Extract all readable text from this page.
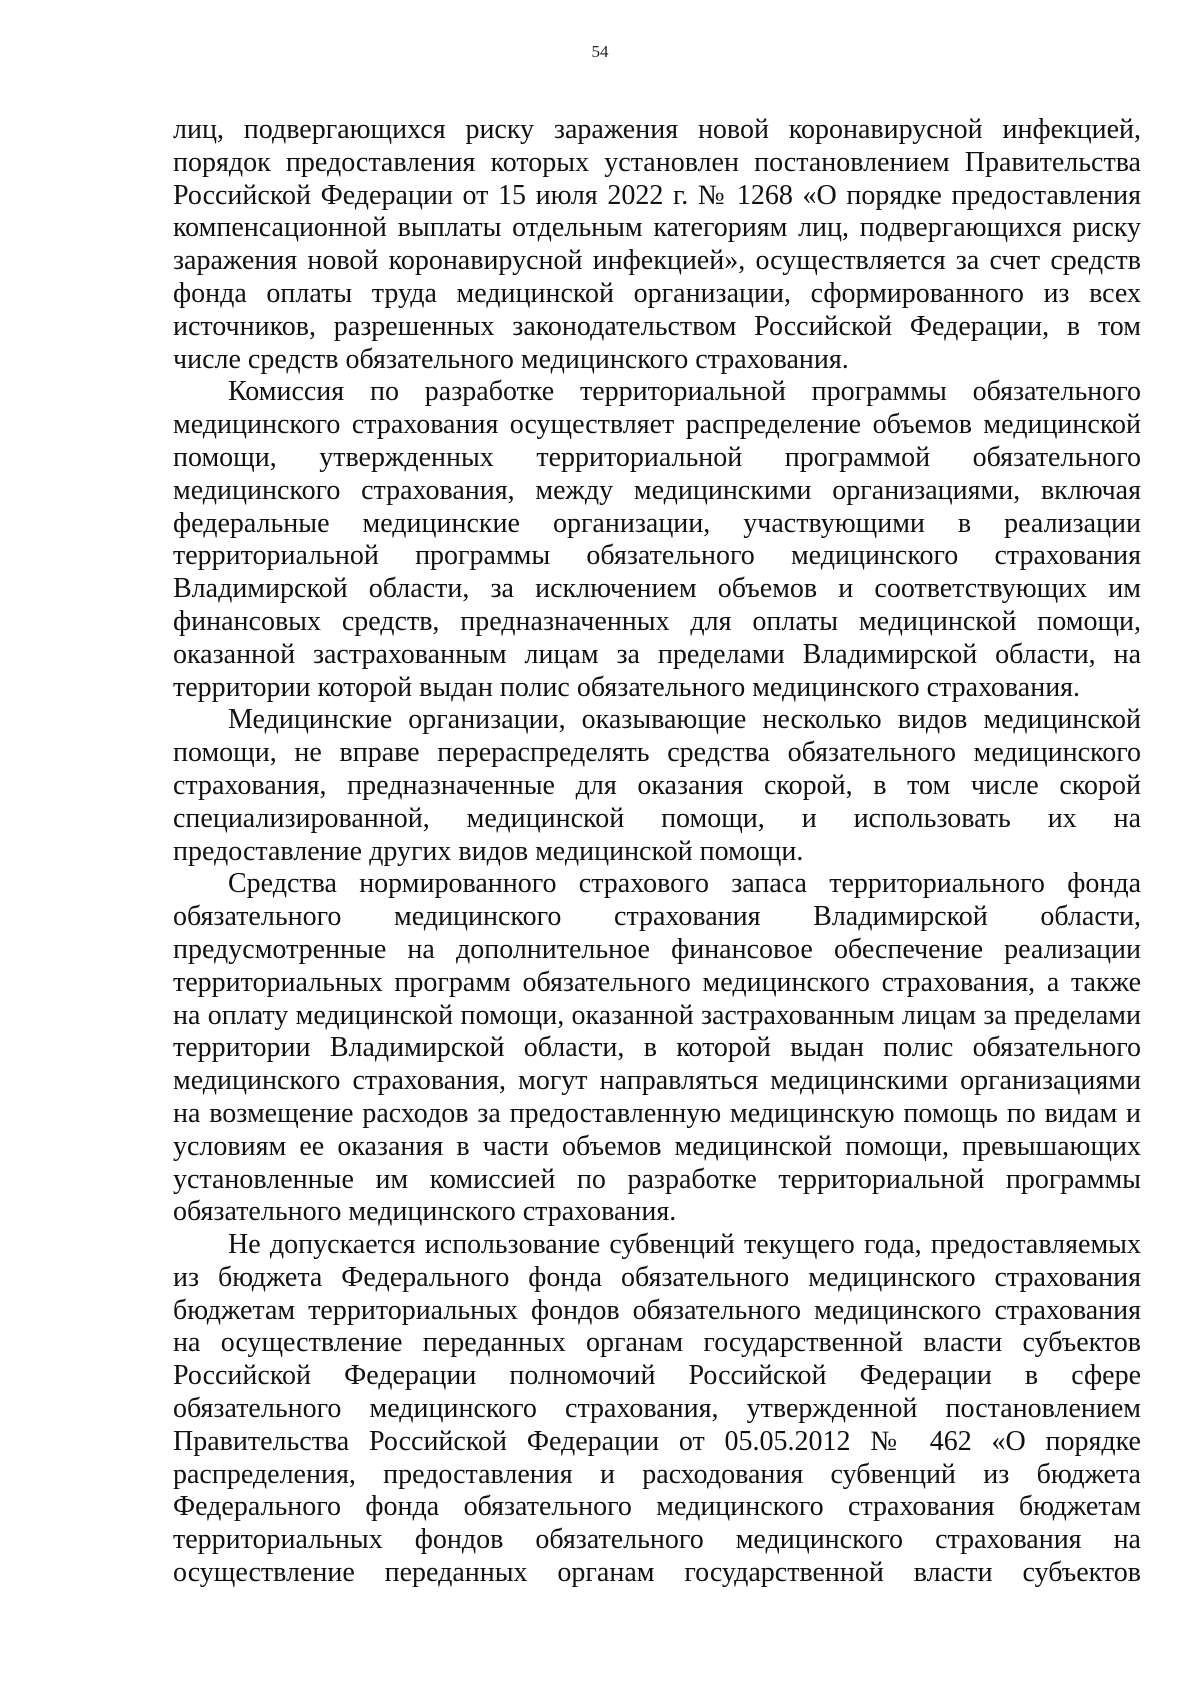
54

лиц, подвергающихся риску заражения новой коронавирусной инфекцией, порядок предоставления которых установлен постановлением Правительства Российской Федерации от 15 июля 2022 г. № 1268 «О порядке предоставления компенсационной выплаты отдельным категориям лиц, подвергающихся риску заражения новой коронавирусной инфекцией», осуществляется за счет средств фонда оплаты труда медицинской организации, сформированного из всех источников, разрешенных законодательством Российской Федерации, в том числе средств обязательного медицинского страхования.

Комиссия по разработке территориальной программы обязательного медицинского страхования осуществляет распределение объемов медицинской помощи, утвержденных территориальной программой обязательного медицинского страхования, между медицинскими организациями, включая федеральные медицинские организации, участвующими в реализации территориальной программы обязательного медицинского страхования Владимирской области, за исключением объемов и соответствующих им финансовых средств, предназначенных для оплаты медицинской помощи, оказанной застрахованным лицам за пределами Владимирской области, на территории которой выдан полис обязательного медицинского страхования.

Медицинские организации, оказывающие несколько видов медицинской помощи, не вправе перераспределять средства обязательного медицинского страхования, предназначенные для оказания скорой, в том числе скорой специализированной, медицинской помощи, и использовать их на предоставление других видов медицинской помощи.

Средства нормированного страхового запаса территориального фонда обязательного медицинского страхования Владимирской области, предусмотренные на дополнительное финансовое обеспечение реализации территориальных программ обязательного медицинского страхования, а также на оплату медицинской помощи, оказанной застрахованным лицам за пределами территории Владимирской области, в которой выдан полис обязательного медицинского страхования, могут направляться медицинскими организациями на возмещение расходов за предоставленную медицинскую помощь по видам и условиям ее оказания в части объемов медицинской помощи, превышающих установленные им комиссией по разработке территориальной программы обязательного медицинского страхования.

Не допускается использование субвенций текущего года, предоставляемых из бюджета Федерального фонда обязательного медицинского страхования бюджетам территориальных фондов обязательного медицинского страхования на осуществление переданных органам государственной власти субъектов Российской Федерации полномочий Российской Федерации в сфере обязательного медицинского страхования, утвержденной постановлением Правительства Российской Федерации от 05.05.2012 № 462 «О порядке распределения, предоставления и расходования субвенций из бюджета Федерального фонда обязательного медицинского страхования бюджетам территориальных фондов обязательного медицинского страхования на осуществление переданных органам государственной власти субъектов
